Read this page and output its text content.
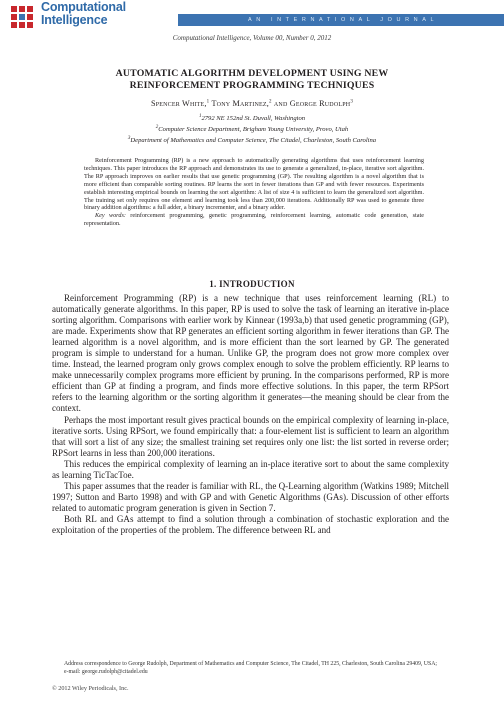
Computational
Intelligence	AN INTERNATIONAL JOURNAL
Computational Intelligence, Volume 00, Number 0, 2012
AUTOMATIC ALGORITHM DEVELOPMENT USING NEW
REINFORCEMENT PROGRAMMING TECHNIQUES
Spencer White,$^1$ Tony Martinez,$^2$ and George Rudolph$^3$
$^1$2792 NE 152nd St. Duvall, Washington
$^2$Computer Science Department, Brigham Young University, Provo, Utah
$^3$Department of Mathematics and Computer Science, The Citadel, Charleston, South Carolina

Reinforcement Programming (RP) is a new approach to automatically generating algorithms that uses reinforcement learning techniques. This paper introduces the RP approach and demonstrates its use to generate a generalized, in-place, iterative sort algorithm. The RP approach improves on earlier results that use genetic programming (GP). The resulting algorithm is a novel algorithm that is more efficient than comparable sorting routines. RP learns the sort in fewer iterations than GP and with fewer resources. Experiments establish interesting empirical bounds on learning the sort algorithm: A list of size 4 is sufficient to learn the generalized sort algorithm. The training set only requires one element and learning took less than 200,000 iterations. Additionally RP was used to generate three binary addition algorithms: a full adder, a binary incrementer, and a binary adder.

Key words: reinforcement programming, genetic programming, reinforcement learning, automatic code generation, state representation.

1. INTRODUCTION

Reinforcement Programming (RP) is a new technique that uses reinforcement learning (RL) to automatically generate algorithms. In this paper, RP is used to solve the task of learning an iterative in-place sorting algorithm. Comparisons with earlier work by Kinnear (1993a,b) that used genetic programming (GP), are made. Experiments show that RP generates an efficient sorting algorithm in fewer iterations than GP. The learned algorithm is a novel algorithm, and is more efficient than the sort learned by GP. The generated program is simple to understand for a human. Unlike GP, the program does not grow more complex over time. Instead, the learned program only grows complex enough to solve the problem efficiently. RP learns to make unnecessarily complex programs more efficient by pruning. In the comparisons performed, RP is more efficient than GP at finding a program, and finds more effective solutions. In this paper, the term RPSort refers to the learning algorithm or the sorting algorithm it generates—the meaning should be clear from the context.

Perhaps the most important result gives practical bounds on the empirical complexity of learning in-place, iterative sorts. Using RPSort, we found empirically that: a four-element list is sufficient to learn an algorithm that will sort a list of any size; the smallest training set requires only one list: the list sorted in reverse order; RPSort learns in less than 200,000 iterations.

This reduces the empirical complexity of learning an in-place iterative sort to about the same complexity as learning TicTacToe.

This paper assumes that the reader is familiar with RL, the Q-Learning algorithm (Watkins 1989; Mitchell 1997; Sutton and Barto 1998) and with GP and with Genetic Algorithms (GAs). Discussion of other efforts related to automatic program generation is given in Section 7.

Both RL and GAs attempt to find a solution through a combination of stochastic exploration and the exploitation of the properties of the problem. The difference between RL and

Address correspondence to George Rudolph, Department of Mathematics and Computer Science, The Citadel, TH 225, Charleston, South Carolina 29409, USA; e-mail: george.rudolph@citadel.edu
© 2012 Wiley Periodicals, Inc.
